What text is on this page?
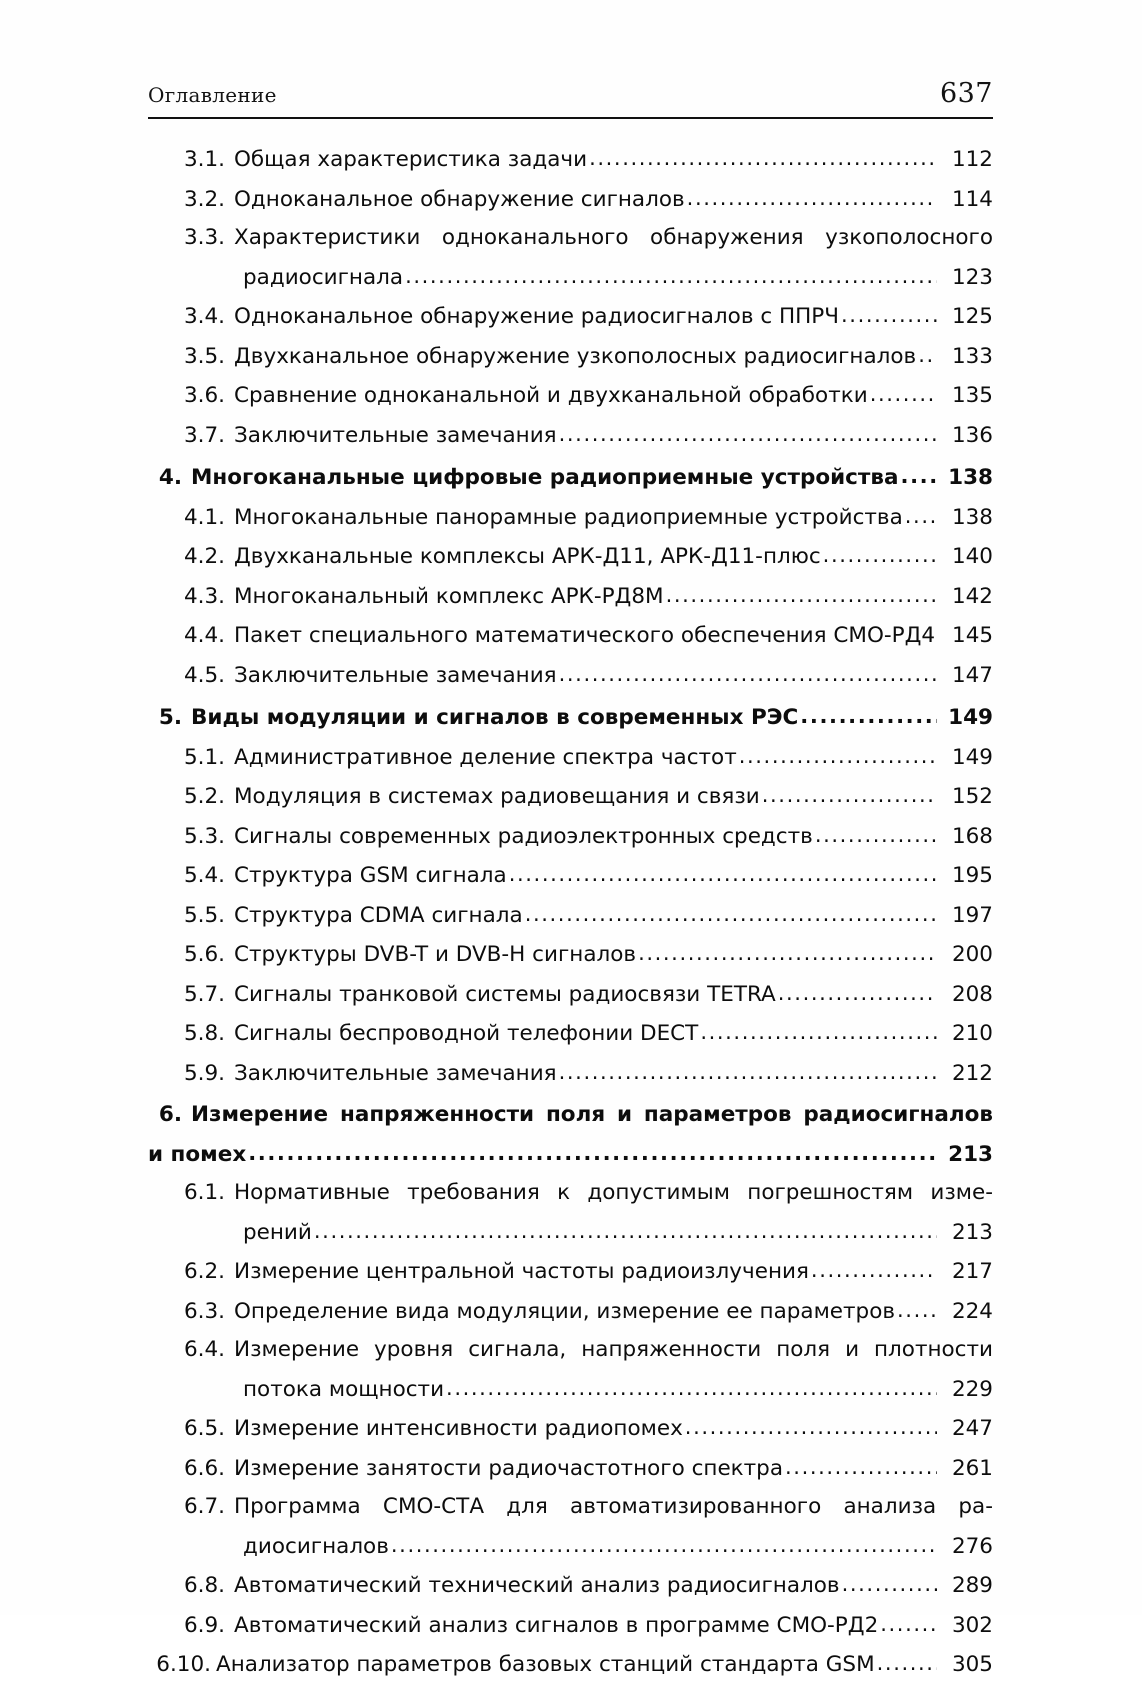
Оглавление	637
3.1. Общая характеристика задачи .....	112
3.2. Одноканальное обнаружение сигналов .....	114
3.3. Характеристики одноканального обнаружения узкополосного
радиосигнала .....	123
3.4. Одноканальное обнаружение радиосигналов с ППРЧ .....	125
3.5. Двухканальное обнаружение узкополосных радиосигналов .....	133
3.6. Сравнение одноканальной и двухканальной обработки .....	135
3.7. Заключительные замечания .....	136
4. Многоканальные цифровые радиоприемные устройства .....	138
4.1. Многоканальные панорамные радиоприемные устройства .....	138
4.2. Двухканальные комплексы АРК-Д11, АРК-Д11-плюс .....	140
4.3. Многоканальный комплекс АРК-РД8М .....	142
4.4. Пакет специального математического обеспечения СМО-РД4 145
4.5. Заключительные замечания .....	147
5. Виды модуляции и сигналов в современных РЭС .....	149
5.1. Административное деление спектра частот .....	149
5.2. Модуляция в системах радиовещания и связи .....	152
5.3. Сигналы современных радиоэлектронных средств .....	168
5.4. Структура GSM сигнала .....	195
5.5. Структура CDMA сигнала .....	197
5.6. Структуры DVB-T и DVB-H сигналов .....	200
5.7. Сигналы транковой системы радиосвязи TETRA .....	208
5.8. Сигналы беспроводной телефонии DECT .....	210
5.9. Заключительные замечания .....	212
6. Измерение напряженности поля и параметров радиосигналов
и помех .....	213
6.1. Нормативные требования к допустимым погрешностям изме-
рений .....	213
6.2. Измерение центральной частоты радиоизлучения .....	217
6.3. Определение вида модуляции, измерение ее параметров .....	224
6.4. Измерение уровня сигнала, напряженности поля и плотности
потока мощности .....	229
6.5. Измерение интенсивности радиопомех .....	247
6.6. Измерение занятости радиочастотного спектра .....	261
6.7. Программа СМО-СТА для автоматизированного анализа ра-
диосигналов .....	276
6.8. Автоматический технический анализ радиосигналов .....	289
6.9. Автоматический анализ сигналов в программе СМО-РД2 .....	302
6.10. Анализатор параметров базовых станций стандарта GSM .....	305
